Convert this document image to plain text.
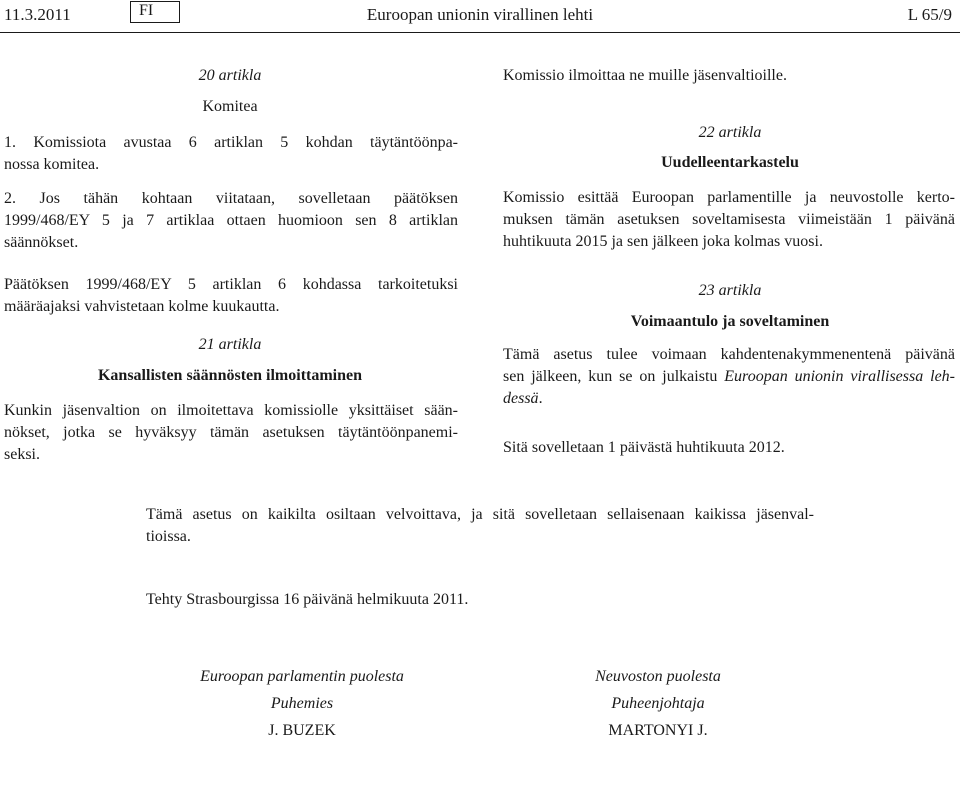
11.3.2011	FI	Euroopan unionin virallinen lehti	L 65/9
20 artikla
Komitea
1. Komissiota avustaa 6 artiklan 5 kohdan täytäntöönpa-
nossa komitea.
2. Jos tähän kohtaan viitataan, sovelletaan päätöksen
1999/468/EY 5 ja 7 artiklaa ottaen huomioon sen 8 artiklan
säännökset.
Päätöksen 1999/468/EY 5 artiklan 6 kohdassa tarkoitetuksi
määräajaksi vahvistetaan kolme kuukautta.
21 artikla
Kansallisten säännösten ilmoittaminen
Kunkin jäsenvaltion on ilmoitettava komissiolle yksittäiset sään-
nökset, jotka se hyväksyy tämän asetuksen täytäntöönpanemi-
seksi.
Komissio ilmoittaa ne muille jäsenvaltioille.
22 artikla
Uudelleentarkastelu
Komissio esittää Euroopan parlamentille ja neuvostolle kerto-
muksen tämän asetuksen soveltamisesta viimeistään 1 päivänä
huhtikuuta 2015 ja sen jälkeen joka kolmas vuosi.
23 artikla
Voimaantulo ja soveltaminen
Tämä asetus tulee voimaan kahdentenakymmenentenä päivänä
sen jälkeen, kun se on julkaistu Euroopan unionin virallisessa leh-
dessä.
Sitä sovelletaan 1 päivästä huhtikuuta 2012.
Tämä asetus on kaikilta osiltaan velvoittava, ja sitä sovelletaan sellaisenaan kaikissa jäsenval-
tioissa.
Tehty Strasbourgissa 16 päivänä helmikuuta 2011.
Euroopan parlamentin puolesta
Puhemies
J. BUZEK
Neuvoston puolesta
Puheenjohtaja
MARTONYI J.
